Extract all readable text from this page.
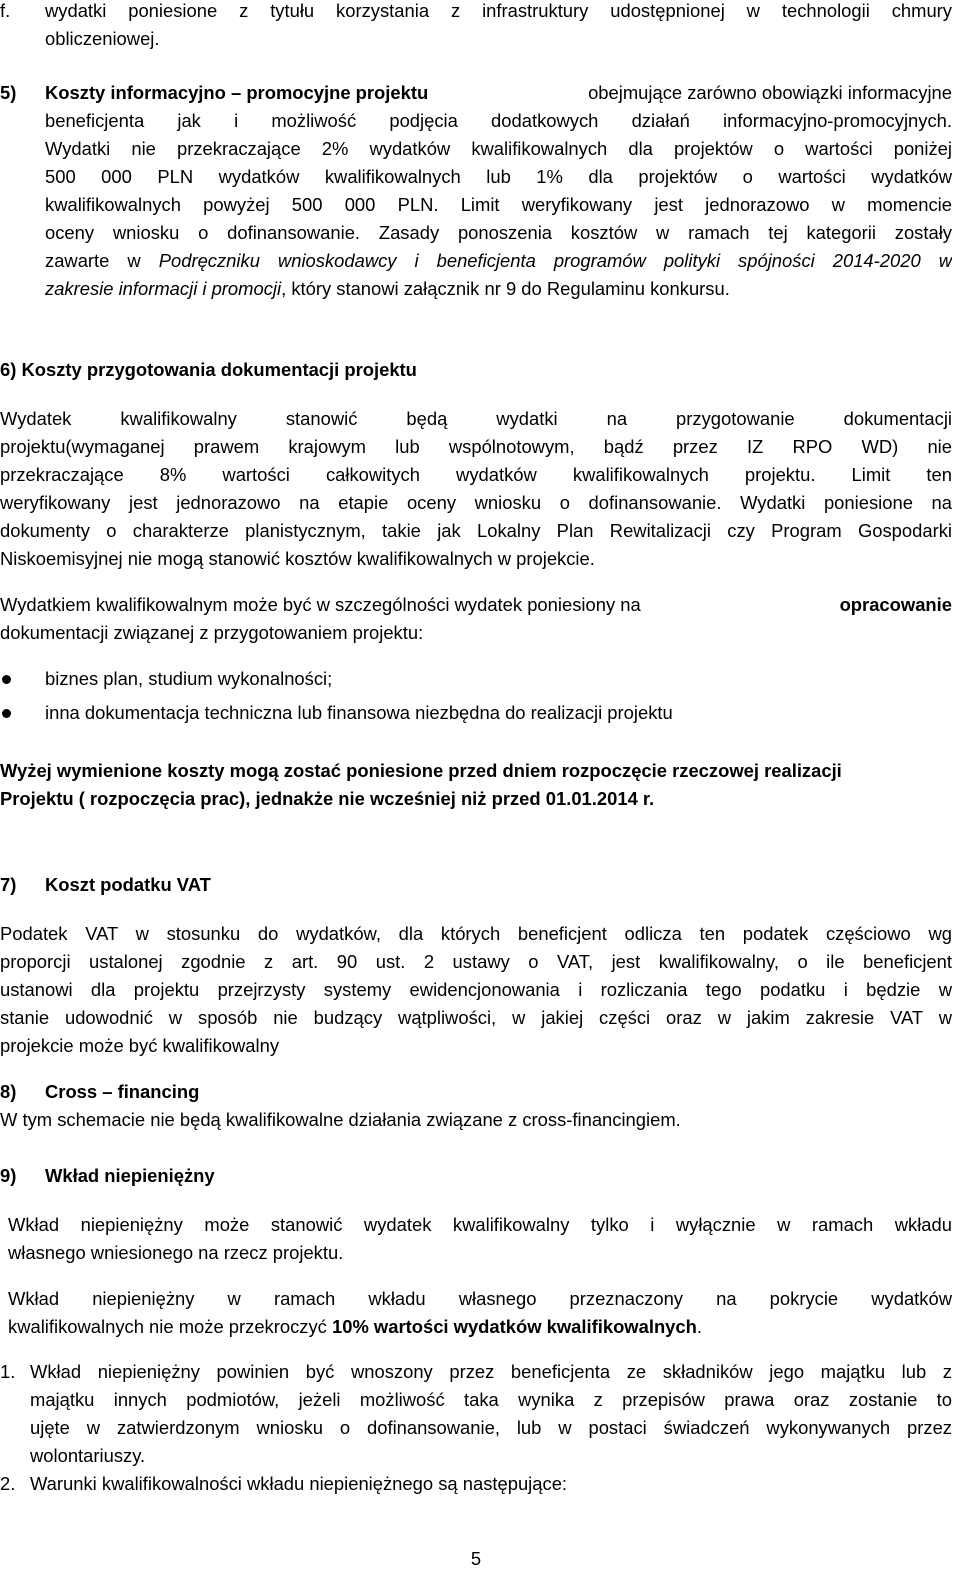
f.	wydatki poniesione z tytułu korzystania z infrastruktury udostępnionej w technologii chmury
obliczeniowej.
5)	Koszty informacyjno – promocyjne projektu	obejmujące zarówno obowiązki informacyjne
beneficjenta jak i możliwość podjęcia dodatkowych działań informacyjno-promocyjnych.
Wydatki nie przekraczające 2% wydatków kwalifikowalnych dla projektów o wartości poniżej
500 000 PLN wydatków kwalifikowalnych lub 1% dla projektów o wartości wydatków
kwalifikowalnych powyżej 500 000 PLN. Limit weryfikowany jest jednorazowo w momencie
oceny wniosku o dofinansowanie. Zasady ponoszenia kosztów w ramach tej kategorii zostały
zawarte w Podręczniku wnioskodawcy i beneficjenta programów polityki spójności 2014-2020 w
zakresie informacji i promocji, który stanowi załącznik nr 9 do Regulaminu konkursu.
6) Koszty przygotowania dokumentacji projektu
Wydatek kwalifikowalny stanowić będą wydatki na przygotowanie dokumentacji
projektu(wymaganej prawem krajowym lub wspólnotowym, bądź przez IZ RPO WD) nie
przekraczające 8% wartości całkowitych wydatków kwalifikowalnych projektu. Limit ten
weryfikowany jest jednorazowo na etapie oceny wniosku o dofinansowanie. Wydatki poniesione na
dokumenty o charakterze planistycznym, takie jak Lokalny Plan Rewitalizacji czy Program Gospodarki
Niskoemisyjnej nie mogą stanowić kosztów kwalifikowalnych w projekcie.
Wydatkiem kwalifikowalnym może być w szczególności wydatek poniesiony na	opracowanie
dokumentacji związanej z przygotowaniem projektu:
biznes plan, studium wykonalności;
inna dokumentacja techniczna lub finansowa niezbędna do realizacji projektu
Wyżej wymienione koszty mogą zostać poniesione przed dniem rozpoczęcie rzeczowej realizacji
Projektu ( rozpoczęcia prac), jednakże nie wcześniej niż przed 01.01.2014 r.
7)	Koszt podatku VAT
Podatek VAT w stosunku do wydatków, dla których beneficjent odlicza ten podatek częściowo wg
proporcji ustalonej zgodnie z art. 90 ust. 2 ustawy o VAT, jest kwalifikowalny, o ile beneficjent
ustanowi dla projektu przejrzysty systemy ewidencjonowania i rozliczania tego podatku i będzie w
stanie udowodnić w sposób nie budzący wątpliwości, w jakiej części oraz w jakim zakresie VAT w
projekcie może być kwalifikowalny
8)	Cross – financing
W tym schemacie nie będą kwalifikowalne działania związane z cross-financingiem.
9)	Wkład niepieniężny
Wkład niepieniężny może stanowić wydatek kwalifikowalny tylko i wyłącznie w ramach wkładu
własnego wniesionego na rzecz projektu.
Wkład niepieniężny w ramach wkładu własnego przeznaczony na pokrycie wydatków
kwalifikowalnych nie może przekroczyć 10% wartości wydatków kwalifikowalnych.
1. Wkład niepieniężny powinien być wnoszony przez beneficjenta ze składników jego majątku lub z
majątku innych podmiotów, jeżeli możliwość taka wynika z przepisów prawa oraz zostanie to
ujęte w zatwierdzonym wniosku o dofinansowanie, lub w postaci świadczeń wykonywanych przez
wolontariuszy.
2. Warunki kwalifikowalności wkładu niepieniężnego są następujące:
5
